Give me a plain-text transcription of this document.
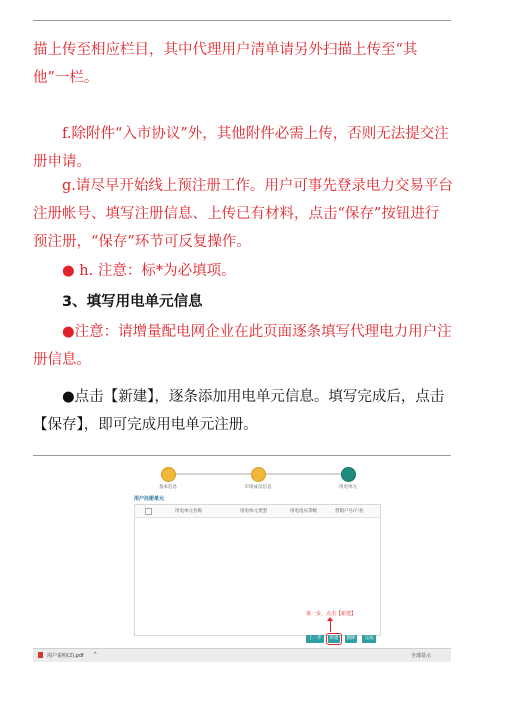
描上传至相应栏目，其中代理用户清单请另外扫描上传至“其他”一栏。

f.除附件“入市协议”外，其他附件必需上传，否则无法提交注册申请。

g.请尽早开始线上预注册工作。用户可事先登录电力交易平台注册帐号、填写注册信息、上传已有材料，点击“保存”按钮进行预注册，“保存”环节可反复操作。

● h. 注意：标*为必填项。

3、填写用电单元信息

●注意：请增量配电网企业在此页面逐条填写代理电力用户注册信息。

●点击【新建】，逐条添加用电单元信息。填写完成后，点击【保存】，即可完成用电单元注册。

基本信息	市场成员信息	用电单元
用户注册单元
用电单元名称	用电单元类型	用电电压等级	营销户号/户名
第一步，点击【新建】
上一步	新建	删除	完成
用户说明(2).pdf ^	全部显示
